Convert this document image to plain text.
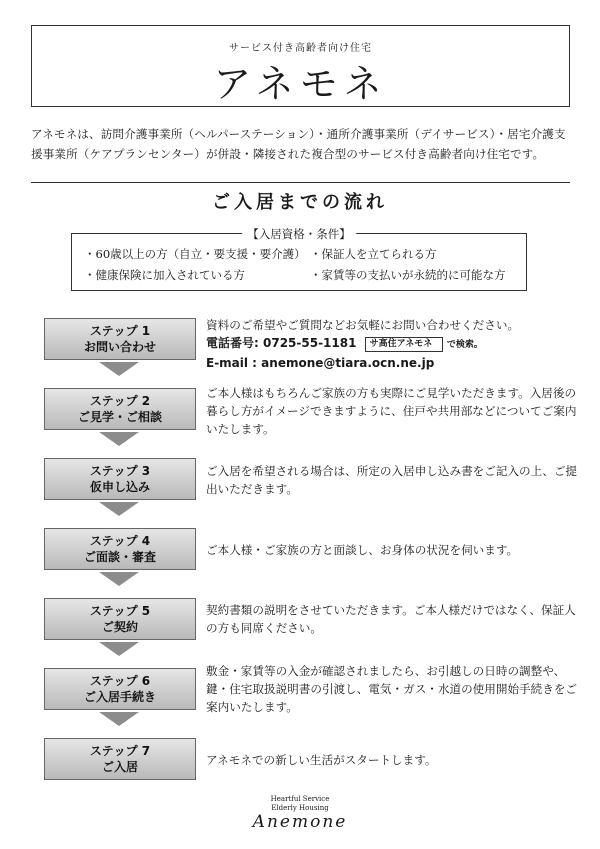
サービス付き高齢者向け住宅
アネモネ

アネモネは、訪問介護事業所（ヘルパーステーション）・通所介護事業所（デイサービス）・居宅介護支援事業所（ケアプランセンター）が併設・隣接された複合型のサービス付き高齢者向け住宅です。

ご入居までの流れ
【入居資格・条件】
・60歳以上の方（自立・要支援・要介護） ・保証人を立てられる方
・健康保険に加入されている方	・家賃等の支払いが永続的に可能な方
ステップ 1
お問い合わせ
資料のご希望やご質問などお気軽にお問い合わせください。
電話番号: 0725-55-1181 サ高住アネモネ で検索。
E-mail : anemone@tiara.ocn.ne.jp
ステップ 2
ご見学・ご相談
ご本人様はもちろんご家族の方も実際にご見学いただきます。入居後の暮らし方がイメージできますように、住戸や共用部などについてご案内いたします。
ステップ 3
仮申し込み
ご入居を希望される場合は、所定の入居申し込み書をご記入の上、ご提出いただきます。
ステップ 4
ご面談・審査	ご本人様・ご家族の方と面談し、お身体の状況を伺います。
ステップ 5
ご契約
契約書類の説明をさせていただきます。ご本人様だけではなく、保証人の方も同席ください。
ステップ 6
ご入居手続き
敷金・家賃等の入金が確認されましたら、お引越しの日時の調整や、鍵・住宅取扱説明書の引渡し、電気・ガス・水道の使用開始手続きをご案内いたします。
ステップ 7
ご入居	アネモネでの新しい生活がスタートします。
Heartful Service
Elderly Housing
Anemone
